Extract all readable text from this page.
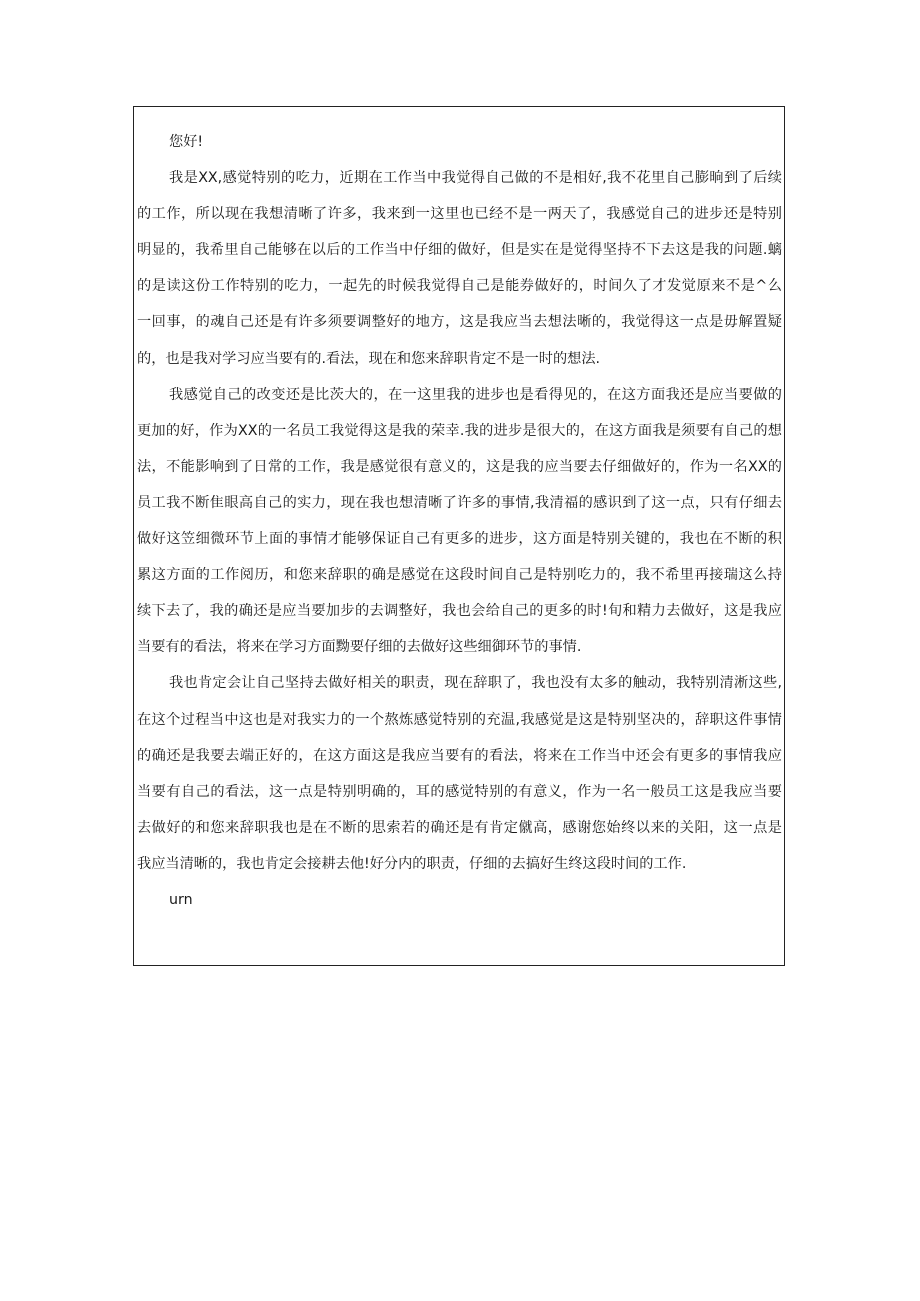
您好!
我是XX,感觉特别的吃力，近期在工作当中我觉得自己做的不是相好,我不花里自己膨晌到了后续
的工作，所以现在我想清晰了许多，我来到一这里也已经不是一两天了，我感觉自己的进步还是特别
明显的，我希里自己能够在以后的工作当中仔细的做好，但是实在是觉得坚持不下去这是我的问题.螭
的是读这份工作特别的吃力，一起先的时候我觉得自己是能券做好的，时间久了才发觉原来不是^么
一回事，的魂自己还是有许多须要调整好的地方，这是我应当去想法晰的，我觉得这一点是毋解置疑
的，也是我对学习应当要有的.看法，现在和您来辞职肯定不是一时的想法.
我感觉自己的改变还是比茨大的，在一这里我的进步也是看得见的，在这方面我还是应当要做的
更加的好，作为XX的一名员工我觉得这是我的荣幸.我的进步是很大的，在这方面我是须要有自己的想
法，不能影响到了日常的工作，我是感觉很有意义的，这是我的应当要去仔细做好的，作为一名XX的
员工我不断隹眼高自己的实力，现在我也想清晰了许多的事情,我清福的感识到了这一点，只有仔细去
做好这笠细微环节上面的事情才能够保证自己有更多的进步，这方面是特别关键的，我也在不断的积
累这方面的工作阅历，和您来辞职的确是感觉在这段时间自己是特别吃力的，我不希里再接瑞这么持
续下去了，我的确还是应当要加步的去调整好，我也会给自己的更多的时!旬和精力去做好，这是我应
当要有的看法，将来在学习方面黝要仔细的去做好这些细御环节的事情.
我也肯定会让自己坚持去做好相关的职责，现在辞职了，我也没有太多的触动，我特别清淅这些,
在这个过程当中这也是对我实力的一个熬炼感觉特别的充温,我感觉是这是特别坚决的，辞职这件事情
的确还是我要去端正好的，在这方面这是我应当要有的看法，将来在工作当中还会有更多的事情我应
当要有自己的看法，这一点是特别明确的，耳的感觉特别的有意义，作为一名一般员工这是我应当要
去做好的和您来辞职我也是在不断的思索若的确还是有肯定僦高，感谢您始终以来的关阳，这一点是
我应当清晰的，我也肯定会接耕去他!好分内的职责，仔细的去搞好生终这段时间的工作.
urn
